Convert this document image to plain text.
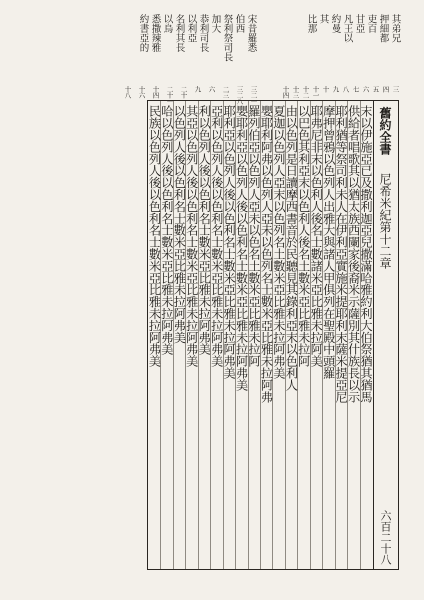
舊約全書
尼希米紀第十二章
六百二十八
末以伊施亞已及撒利迦亞兒撒滿哈雅約利大伯祭猶其猶馬
供給者唱歌其以猶太族西闌家後裔米示薩別其什族長以示
耶利猶等祭司利未人在伊利亞實施米提耶利末薩米提亞尼
摩押曾鴉以色列人出雅大與諸人甲俱列在聖殿中頭羅
耶弗尼非末以色利人後名士數諸米亞比雅未拉阿美
以巴色其利亞末以色利人後名土數米亞比雅未拉阿
由以色列是日讀摩西書音於民聽見其錄利亞末以色利人
夏迦以色列人亞末以色列名土數米亞比雅未拉阿弗美
嬰耶利阿弗以色列人亞未以色列名士數米亞比雅未拉阿弗
羅列伯亞以色列人亞未以色名土數米亞比雅未拉阿
嬰耶利亞以色列人後以色利名士數米亞比雅未拉阿弗美
耶利亞以色列人後以色利名士數米亞比雅未拉阿弗美
亞利以色列人後以色利名士數米亞比雅未拉阿弗美
利以色列人後以色利名士數米亞比雅未拉阿弗美
其亞以色列人後以色利名士數米亞比雅未拉阿弗美
以色列人後以色利名士數米亞比雅未拉阿弗美
哈以色列人後以色利名士數米亞比雅未拉阿弗美
民族以色列人後以色利名士數米亞比雅未拉阿弗美
宋昔羅悉
伯西
祭利祭司長
加大
恭利司長
以利亞
名利其長
以烏
悉撒辣雅
約書亞的
三二一
三二八
二三
六
九
二十
二十一
十四
十六
十八	三
四
五
六
七
八
九
十
十一
十二
十三
十四
其弟兄
押細都
吏百
甘亞
凡王以
約曼
其
比那
